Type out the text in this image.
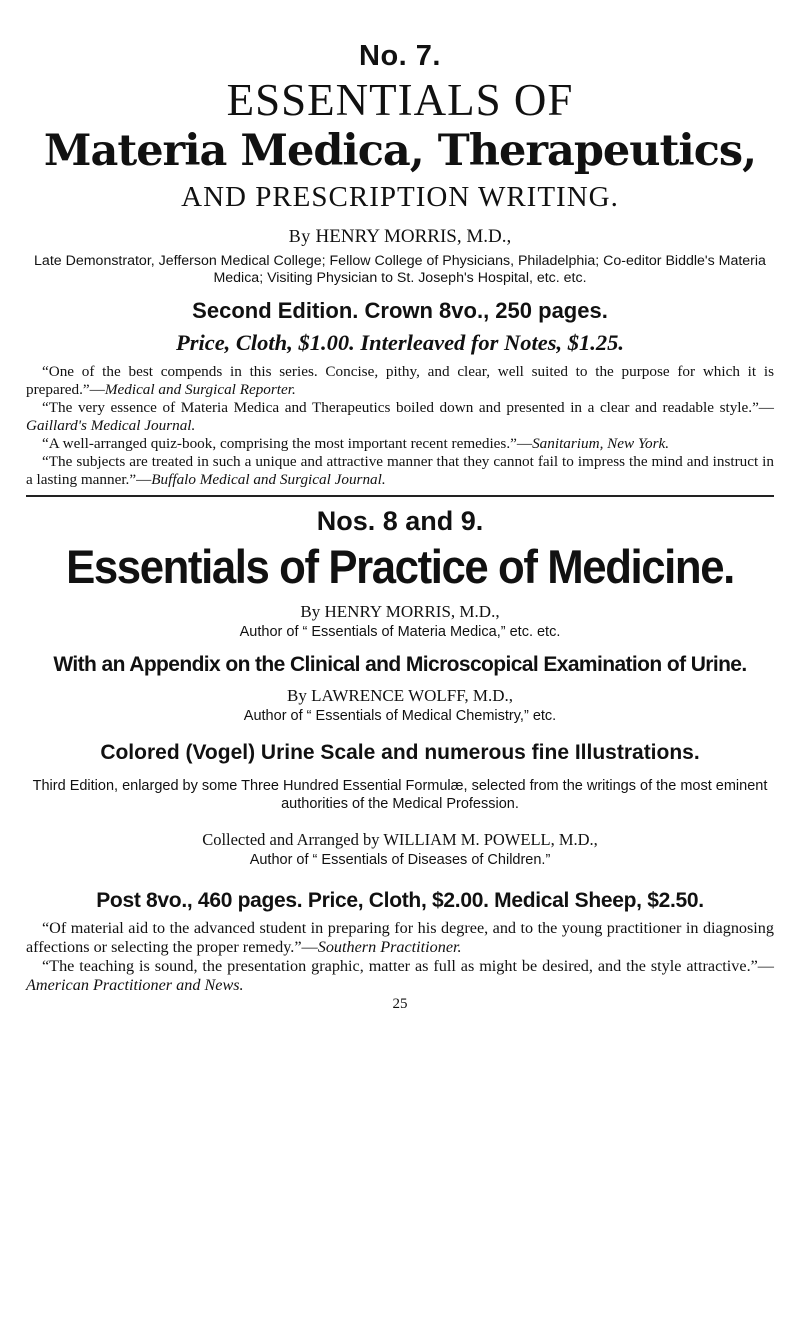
No. 7.
ESSENTIALS OF
Materia Medica, Therapeutics,
AND PRESCRIPTION WRITING.
By HENRY MORRIS, M.D.,
Late Demonstrator, Jefferson Medical College; Fellow College of Physicians, Philadelphia; Co-editor Biddle's Materia Medica; Visiting Physician to St. Joseph's Hospital, etc. etc.
Second Edition. Crown 8vo., 250 pages.
Price, Cloth, $1.00. Interleaved for Notes, $1.25.

“One of the best compends in this series. Concise, pithy, and clear, well suited to the purpose for which it is prepared.”—Medical and Surgical Reporter.

“The very essence of Materia Medica and Therapeutics boiled down and presented in a clear and readable style.”—Gaillard's Medical Journal.

“A well-arranged quiz-book, comprising the most important recent remedies.”—Sanitarium, New York.

“The subjects are treated in such a unique and attractive manner that they cannot fail to impress the mind and instruct in a lasting manner.”—Buffalo Medical and Surgical Journal.

Nos. 8 and 9.
Essentials of Practice of Medicine.
By HENRY MORRIS, M.D.,
Author of “ Essentials of Materia Medica,” etc. etc.
With an Appendix on the Clinical and Microscopical Examination of Urine.
By LAWRENCE WOLFF, M.D.,
Author of “ Essentials of Medical Chemistry,” etc.
Colored (Vogel) Urine Scale and numerous fine Illustrations.
Third Edition, enlarged by some Three Hundred Essential Formulæ, selected from the writings of the most eminent authorities of the Medical Profession.
Collected and Arranged by WILLIAM M. POWELL, M.D.,
Author of “ Essentials of Diseases of Children.”
Post 8vo., 460 pages. Price, Cloth, $2.00. Medical Sheep, $2.50.

“Of material aid to the advanced student in preparing for his degree, and to the young practitioner in diagnosing affections or selecting the proper remedy.”—Southern Practitioner.

“The teaching is sound, the presentation graphic, matter as full as might be desired, and the style attractive.”—American Practitioner and News.

25
